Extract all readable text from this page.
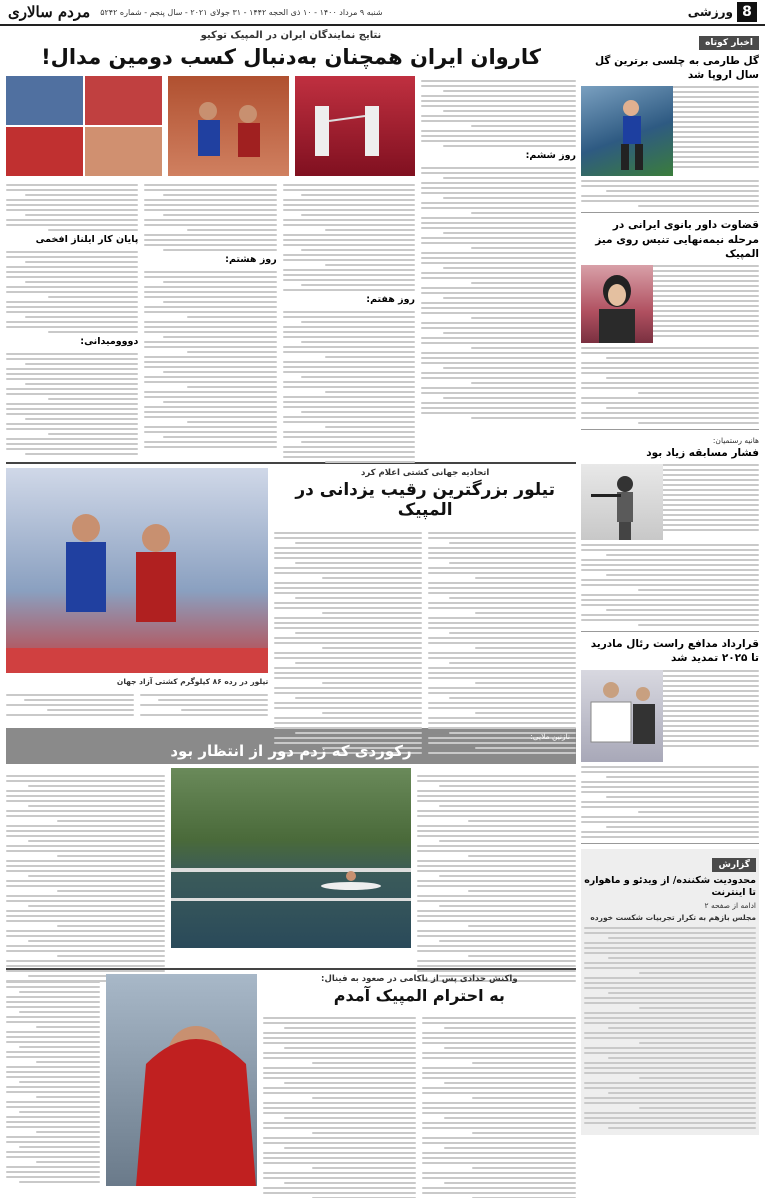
8
ورزشی
شنبه ۹ مرداد ۱۴۰۰ - ۱۰ ذی الحجه ۱۴۴۲ - ۳۱ جولای ۲۰۲۱ - سال پنجم - شماره ۵۲۴۲
مردم سالاری
اخبار کوتاه
گل طارمی به چلسی برترین گل سال اروپا شد
قضاوت داور بانوی ایرانی در مرحله نیمه‌نهایی تنیس روی میز المپیک
هانیه رستمیان:
فشار مسابقه زیاد بود
قرارداد مدافع راست رئال مادرید تا ۲۰۲۵ تمدید شد
گزارش
محدودیت شکننده/ از ویدئو و ماهواره تا اینترنت
ادامه از صفحه ۲
مجلس بازهم به تکرار تجربیات شکست خورده
نتایج نمایندگان ایران در المپیک توکیو
کاروان ایران همچنان به‌دنبال کسب دومین مدال!
روز ششم:
روز هفتم:
روز هشتم:
پایان کار ایلناز افخمی
دووومیدانی:
اتحادیه جهانی کشتی اعلام کرد
تیلور بزرگترین رقیب یزدانی در المپیک
تیلور در رده ۸۶ کیلوگرم کشتی آزاد جهان
نازنین ملایی:
رکوردی که زدم دور از انتظار بود
واکنش حدادی پس از ناکامی در صعود به فینال:
به احترام المپیک آمدم
